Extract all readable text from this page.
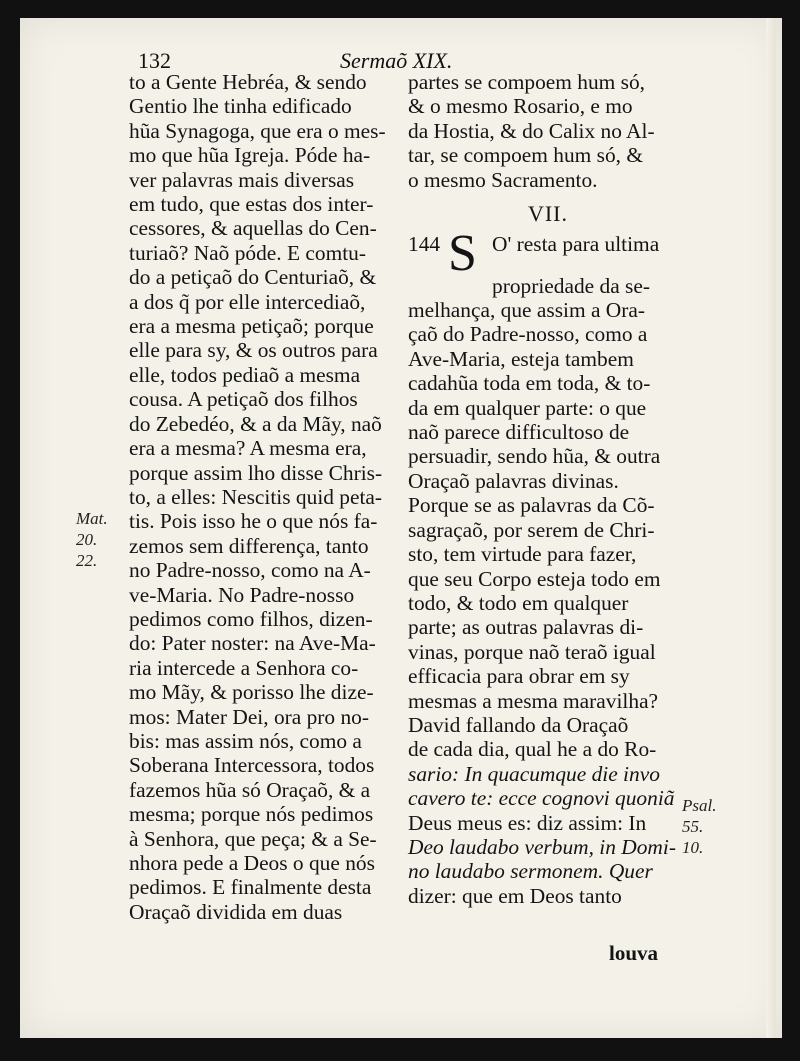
132	Sermaõ XIX.
to a Gente Hebréa, & sendo
Gentio lhe tinha edificado
hũa Synagoga, que era o mes-
mo que hũa Igreja. Póde ha-
ver palavras mais diversas
em tudo, que estas dos inter-
cessores, & aquellas do Cen-
turiaõ? Naõ póde. E comtu-
do a petiçaõ do Centuriaõ, &
a dos q̃ por elle intercediaõ,
era a mesma petiçaõ; porque
elle para sy, & os outros para
elle, todos pediaõ a mesma
cousa. A petiçaõ dos filhos
do Zebedéo, & a da Mãy, naõ
era a mesma? A mesma era,
porque assim lho disse Chris-
to, a elles: Nescitis quid peta-
tis. Pois isso he o que nós fa-
zemos sem differença, tanto
no Padre-nosso, como na A-
ve-Maria. No Padre-nosso
pedimos como filhos, dizen-
do: Pater noster: na Ave-Ma-
ria intercede a Senhora co-
mo Mãy, & porisso lhe dize-
mos: Mater Dei, ora pro no-
bis: mas assim nós, como a
Soberana Intercessora, todos
fazemos hũa só Oraçaõ, & a
mesma; porque nós pedimos
à Senhora, que peça; & a Se-
nhora pede a Deos o que nós
pedimos. E finalmente desta
Oraçaõ dividida em duas
partes se compoem hum só,
& o mesmo Rosario, e mo
da Hostia, & do Calix no Al-
tar, se compoem hum só, &
o mesmo Sacramento.
VII.
144 S O' resta para ultima
propriedade da se-
melhança, que assim a Ora-
çaõ do Padre-nosso, como a
Ave-Maria, esteja tambem
cadahũa toda em toda, & to-
da em qualquer parte: o que
naõ parece difficultoso de
persuadir, sendo hũa, & outra
Oraçaõ palavras divinas.
Porque se as palavras da Cõ-
sagraçaõ, por serem de Chri-
sto, tem virtude para fazer,
que seu Corpo esteja todo em
todo, & todo em qualquer
parte; as outras palavras di-
vinas, porque naõ teraõ igual
efficacia para obrar em sy
mesmas a mesma maravilha?
David fallando da Oraçaõ
de cada dia, qual he a do Ro-
sario: In quacumque die invo
cavero te: ecce cognovi quoniã
Deus meus es: diz assim: In
Deo laudabo verbum, in Domi-
no laudabo sermonem. Quer
dizer: que em Deos tanto
Mat.
20.
22.
Psal.
55.
10.
louva
